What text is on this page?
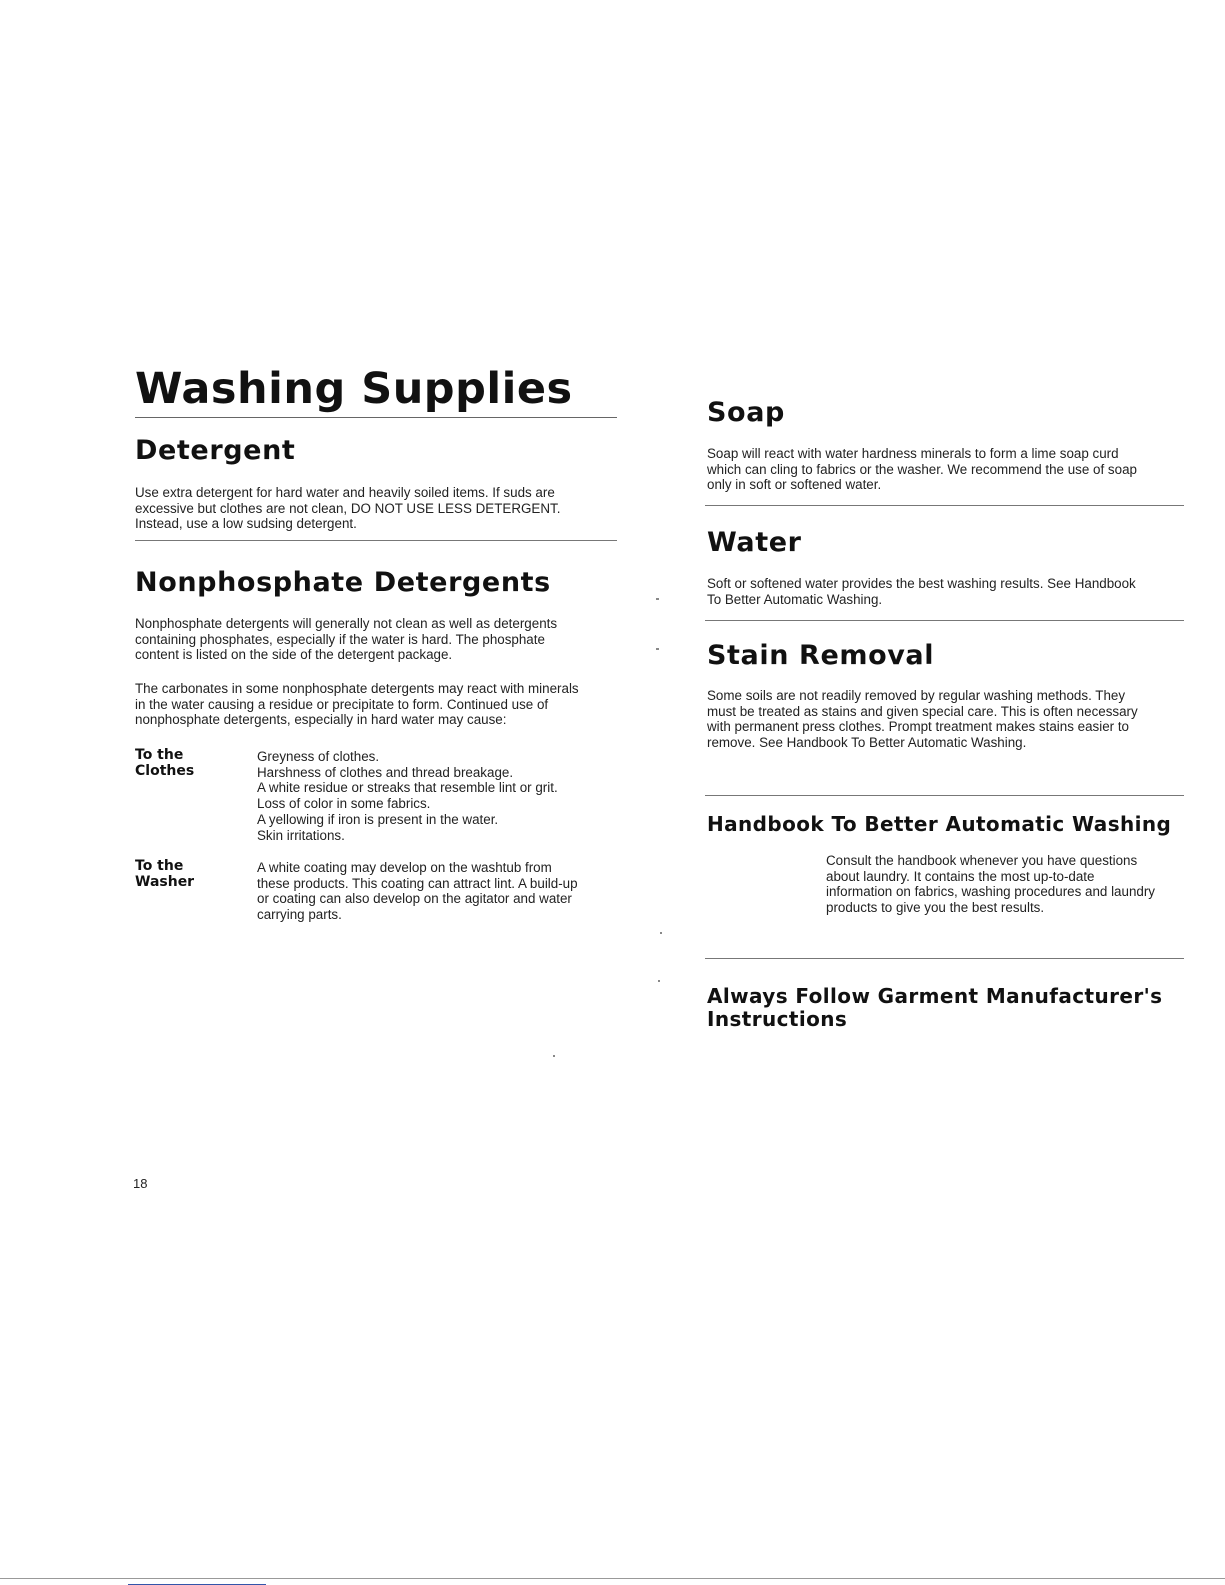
Washing Supplies
Detergent

Use extra detergent for hard water and heavily soiled items. If suds are

excessive but clothes are not clean, DO NOT USE LESS DETERGENT.

Instead, use a low sudsing detergent.

Nonphosphate Detergents

Nonphosphate detergents will generally not clean as well as detergents

containing phosphates, especially if the water is hard. The phosphate

content is listed on the side of the detergent package.

The carbonates in some nonphosphate detergents may react with minerals

in the water causing a residue or precipitate to form. Continued use of

nonphosphate detergents, especially in hard water may cause:

To the
Clothes
Greyness of clothes.
Harshness of clothes and thread breakage.
A white residue or streaks that resemble lint or grit.
Loss of color in some fabrics.
A yellowing if iron is present in the water.
Skin irritations.
To the
Washer
A white coating may develop on the washtub from
these products. This coating can attract lint. A build-up
or coating can also develop on the agitator and water
carrying parts.
Soap

Soap will react with water hardness minerals to form a lime soap curd

which can cling to fabrics or the washer. We recommend the use of soap

only in soft or softened water.

Water

Soft or softened water provides the best washing results. See Handbook

To Better Automatic Washing.

Stain Removal

Some soils are not readily removed by regular washing methods. They

must be treated as stains and given special care. This is often necessary

with permanent press clothes. Prompt treatment makes stains easier to

remove. See Handbook To Better Automatic Washing.

Handbook To Better Automatic Washing

Consult the handbook whenever you have questions

about laundry. It contains the most up-to-date

information on fabrics, washing procedures and laundry

products to give you the best results.

Always Follow Garment Manufacturer's
Instructions
18
